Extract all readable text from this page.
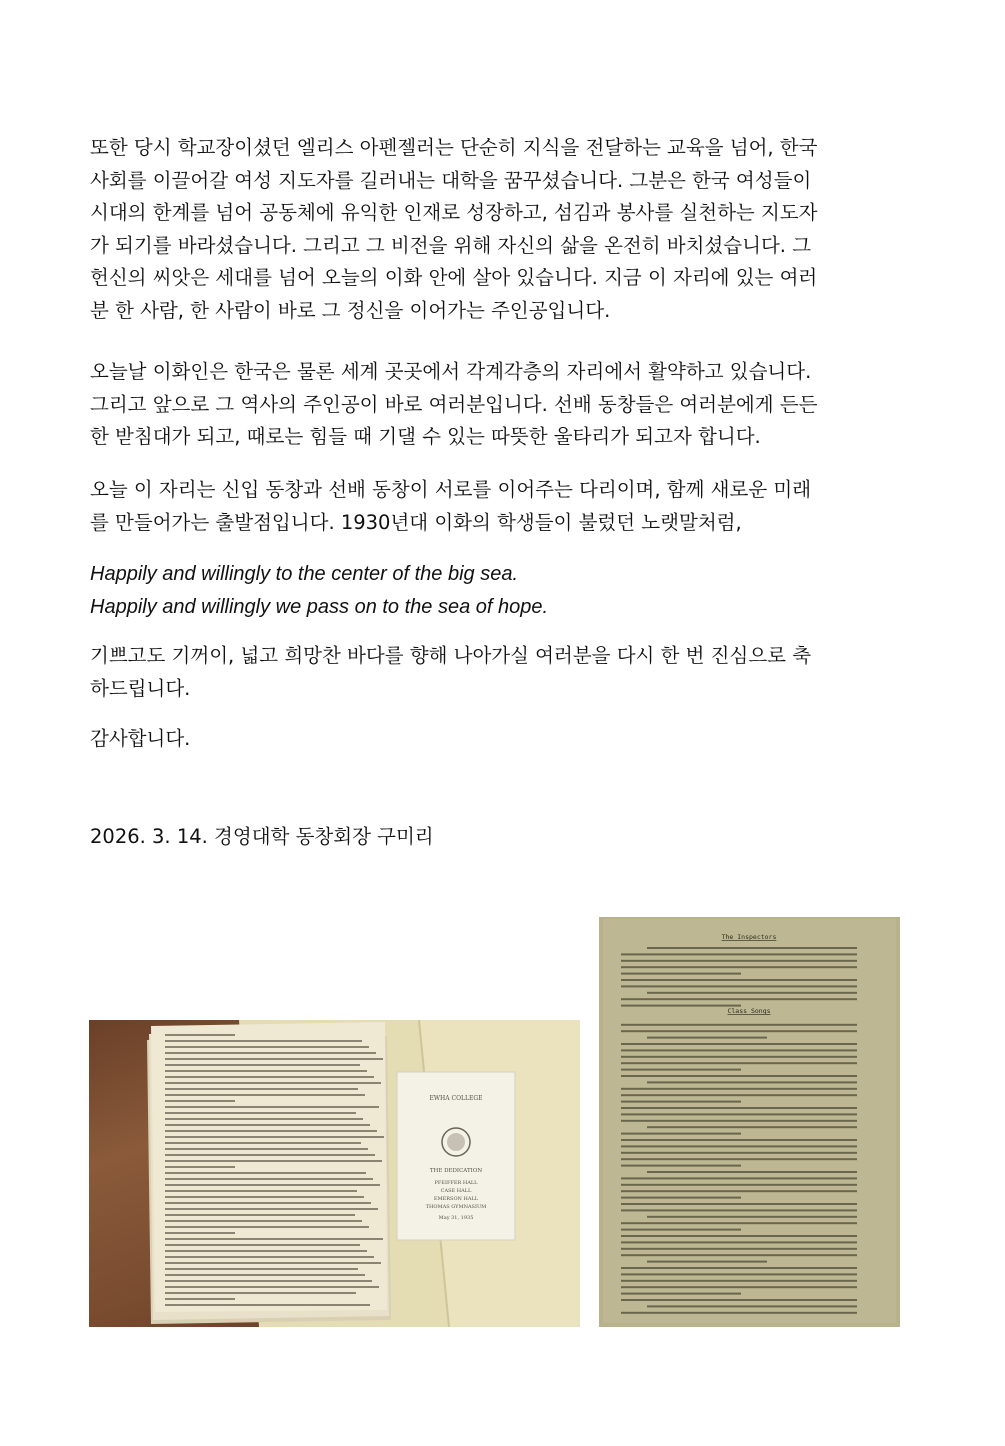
또한 당시 학교장이셨던 엘리스 아펜젤러는 단순히 지식을 전달하는 교육을 넘어, 한국
사회를 이끌어갈 여성 지도자를 길러내는 대학을 꿈꾸셨습니다. 그분은 한국 여성들이
시대의 한계를 넘어 공동체에 유익한 인재로 성장하고, 섬김과 봉사를 실천하는 지도자
가 되기를 바라셨습니다. 그리고 그 비전을 위해 자신의 삶을 온전히 바치셨습니다. 그
헌신의 씨앗은 세대를 넘어 오늘의 이화 안에 살아 있습니다. 지금 이 자리에 있는 여러
분 한 사람, 한 사람이 바로 그 정신을 이어가는 주인공입니다.

오늘날 이화인은 한국은 물론 세계 곳곳에서 각계각층의 자리에서 활약하고 있습니다.
그리고 앞으로 그 역사의 주인공이 바로 여러분입니다. 선배 동창들은 여러분에게 든든
한 받침대가 되고, 때로는 힘들 때 기댈 수 있는 따뜻한 울타리가 되고자 합니다.

오늘 이 자리는 신입 동창과 선배 동창이 서로를 이어주는 다리이며, 함께 새로운 미래
를 만들어가는 출발점입니다. 1930년대 이화의 학생들이 불렀던 노랫말처럼,

Happily and willingly to the center of the big sea.
Happily and willingly we pass on to the sea of hope.

기쁘고도 기꺼이, 넓고 희망찬 바다를 향해 나아가실 여러분을 다시 한 번 진심으로 축
하드립니다.

감사합니다.

2026. 3. 14. 경영대학 동창회장 구미리

EWHA COLLEGE
THE DEDICATION
PFEIFFER HALL
CASE HALL
EMERSON HALL
THOMAS GYMNASIUM
May 31, 1935
The Inspectors
Class Songs
